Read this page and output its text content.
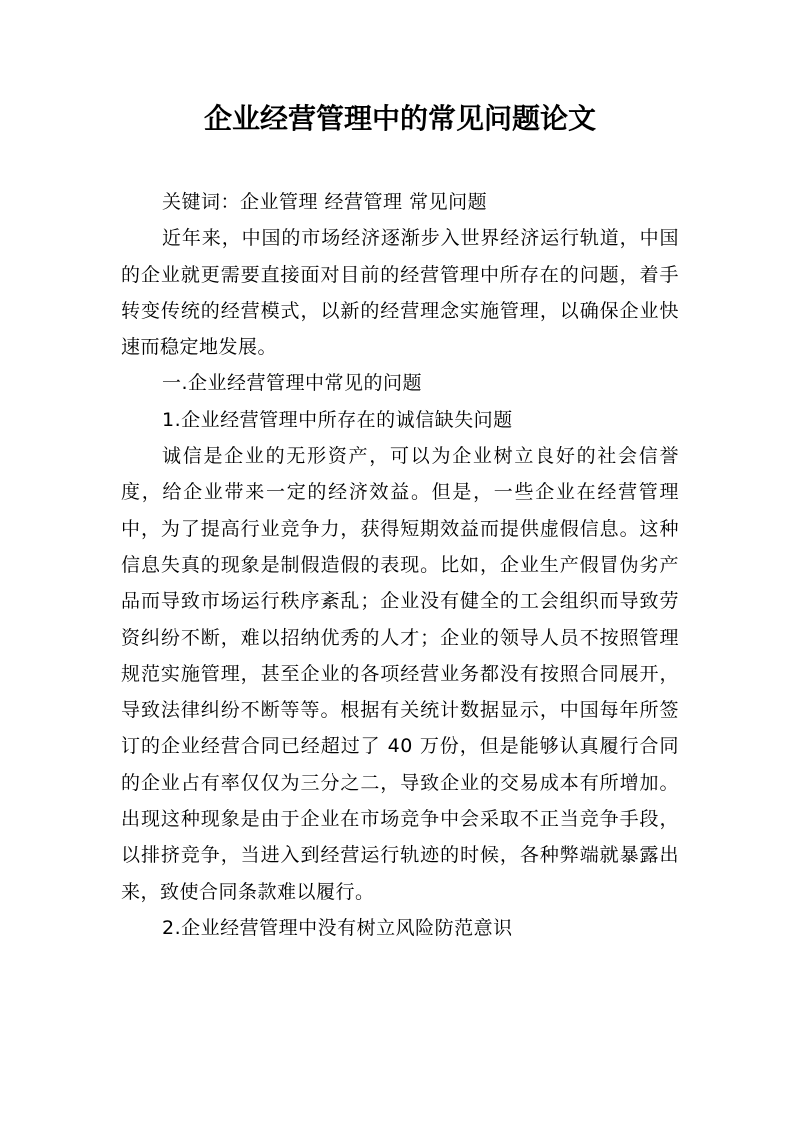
企业经营管理中的常见问题论文

关键词：企业管理 经营管理 常见问题

近年来，中国的市场经济逐渐步入世界经济运行轨道，中国的企业就更需要直接面对目前的经营管理中所存在的问题，着手转变传统的经营模式，以新的经营理念实施管理，以确保企业快速而稳定地发展。

一.企业经营管理中常见的问题

1.企业经营管理中所存在的诚信缺失问题

诚信是企业的无形资产，可以为企业树立良好的社会信誉度，给企业带来一定的经济效益。但是，一些企业在经营管理中，为了提高行业竞争力，获得短期效益而提供虚假信息。这种信息失真的现象是制假造假的表现。比如，企业生产假冒伪劣产品而导致市场运行秩序紊乱；企业没有健全的工会组织而导致劳资纠纷不断，难以招纳优秀的人才；企业的领导人员不按照管理规范实施管理，甚至企业的各项经营业务都没有按照合同展开，导致法律纠纷不断等等。根据有关统计数据显示，中国每年所签订的企业经营合同已经超过了 40 万份，但是能够认真履行合同的企业占有率仅仅为三分之二，导致企业的交易成本有所增加。出现这种现象是由于企业在市场竞争中会采取不正当竞争手段，以排挤竞争，当进入到经营运行轨迹的时候，各种弊端就暴露出来，致使合同条款难以履行。

2.企业经营管理中没有树立风险防范意识
